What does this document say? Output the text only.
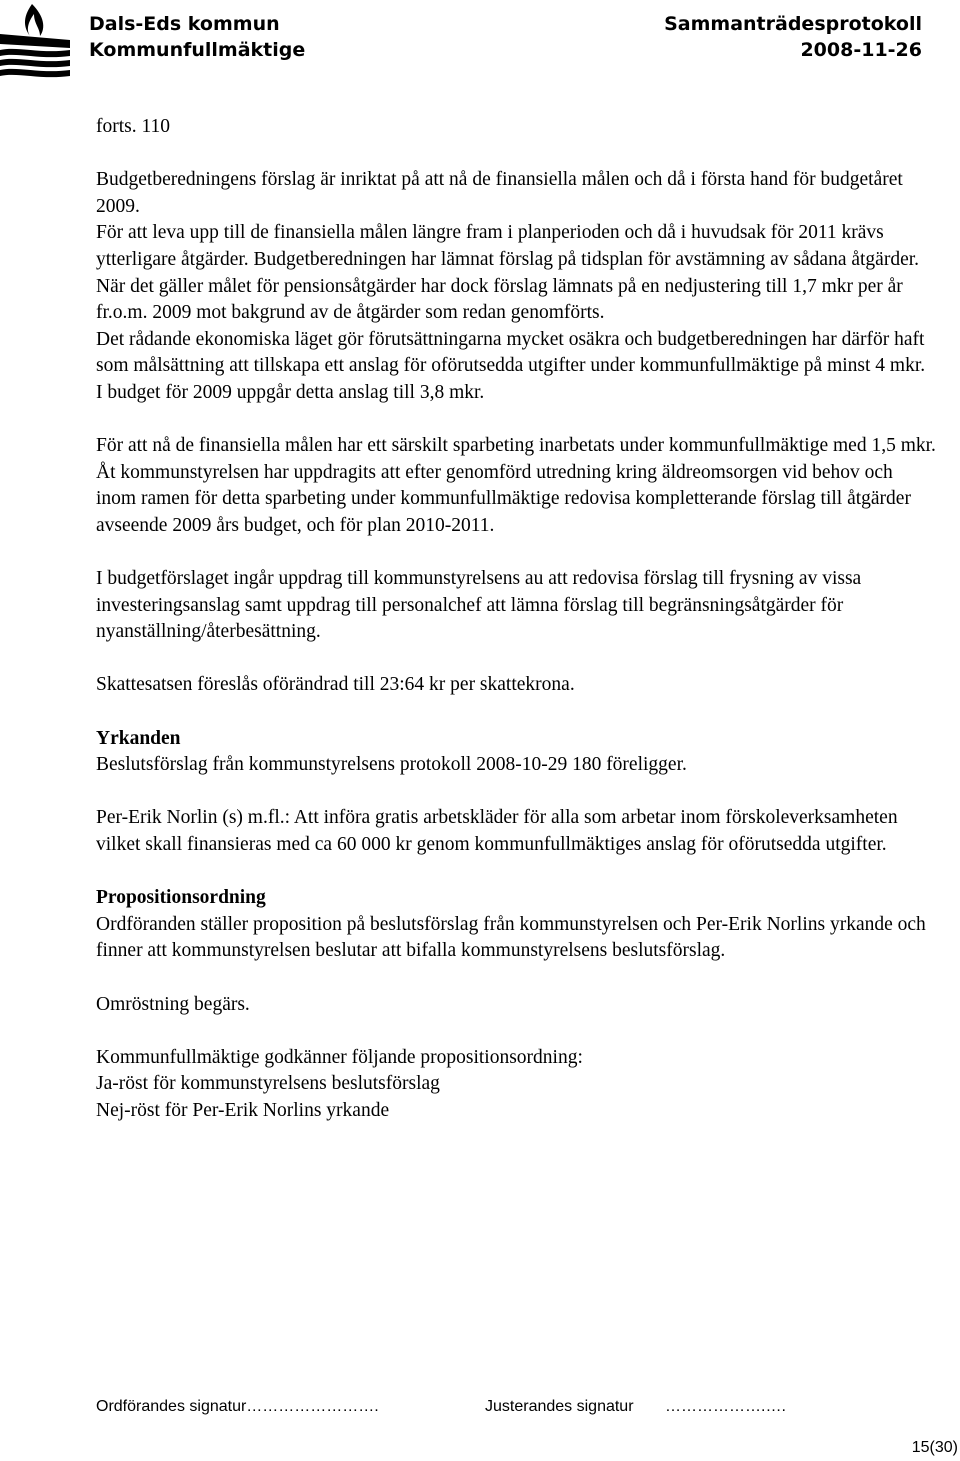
Dals-Eds kommun
Kommunfullmäktige
Sammanträdesprotokoll
2008-11-26

forts. 110

Budgetberedningens förslag är inriktat på att nå de finansiella målen och då i första hand för budgetåret 2009.

För att leva upp till de finansiella målen längre fram i planperioden och då i huvudsak för 2011 krävs ytterligare åtgärder. Budgetberedningen har lämnat förslag på tidsplan för avstämning av sådana åtgärder.

När det gäller målet för pensionsåtgärder har dock förslag lämnats på en nedjustering till 1,7 mkr per år fr.o.m. 2009 mot bakgrund av de åtgärder som redan genomförts.

Det rådande ekonomiska läget gör förutsättningarna mycket osäkra och budgetberedningen har därför haft som målsättning att tillskapa ett anslag för oförutsedda utgifter under kommunfullmäktige på minst 4 mkr. I budget för 2009 uppgår detta anslag till 3,8 mkr.

För att nå de finansiella målen har ett särskilt sparbeting inarbetats under kommunfullmäktige med 1,5 mkr. Åt kommunstyrelsen har uppdragits att efter genomförd utredning kring äldreomsorgen vid behov och inom ramen för detta sparbeting under kommunfullmäktige redovisa kompletterande förslag till åtgärder avseende 2009 års budget, och för plan 2010-2011.

I budgetförslaget ingår uppdrag till kommunstyrelsens au att redovisa förslag till frysning av vissa investeringsanslag samt uppdrag till personalchef att lämna förslag till begränsningsåtgärder för nyanställning/återbesättning.

Skattesatsen föreslås oförändrad till 23:64 kr per skattekrona.

Yrkanden

Beslutsförslag från kommunstyrelsens protokoll 2008-10-29 180 föreligger.

Per-Erik Norlin (s) m.fl.: Att införa gratis arbetskläder för alla som arbetar inom förskoleverksamheten vilket skall finansieras med ca 60 000 kr genom kommunfullmäktiges anslag för oförutsedda utgifter.

Propositionsordning

Ordföranden ställer proposition på beslutsförslag från kommunstyrelsen och Per-Erik Norlins yrkande och finner att kommunstyrelsen beslutar att bifalla kommunstyrelsens beslutsförslag.

Omröstning begärs.

Kommunfullmäktige godkänner följande propositionsordning:

Ja-röst för kommunstyrelsens beslutsförslag

Nej-röst för Per-Erik Norlins yrkande

Ordförandes signatur…………………….	Justerandes signatur ……………….….
15(30)
